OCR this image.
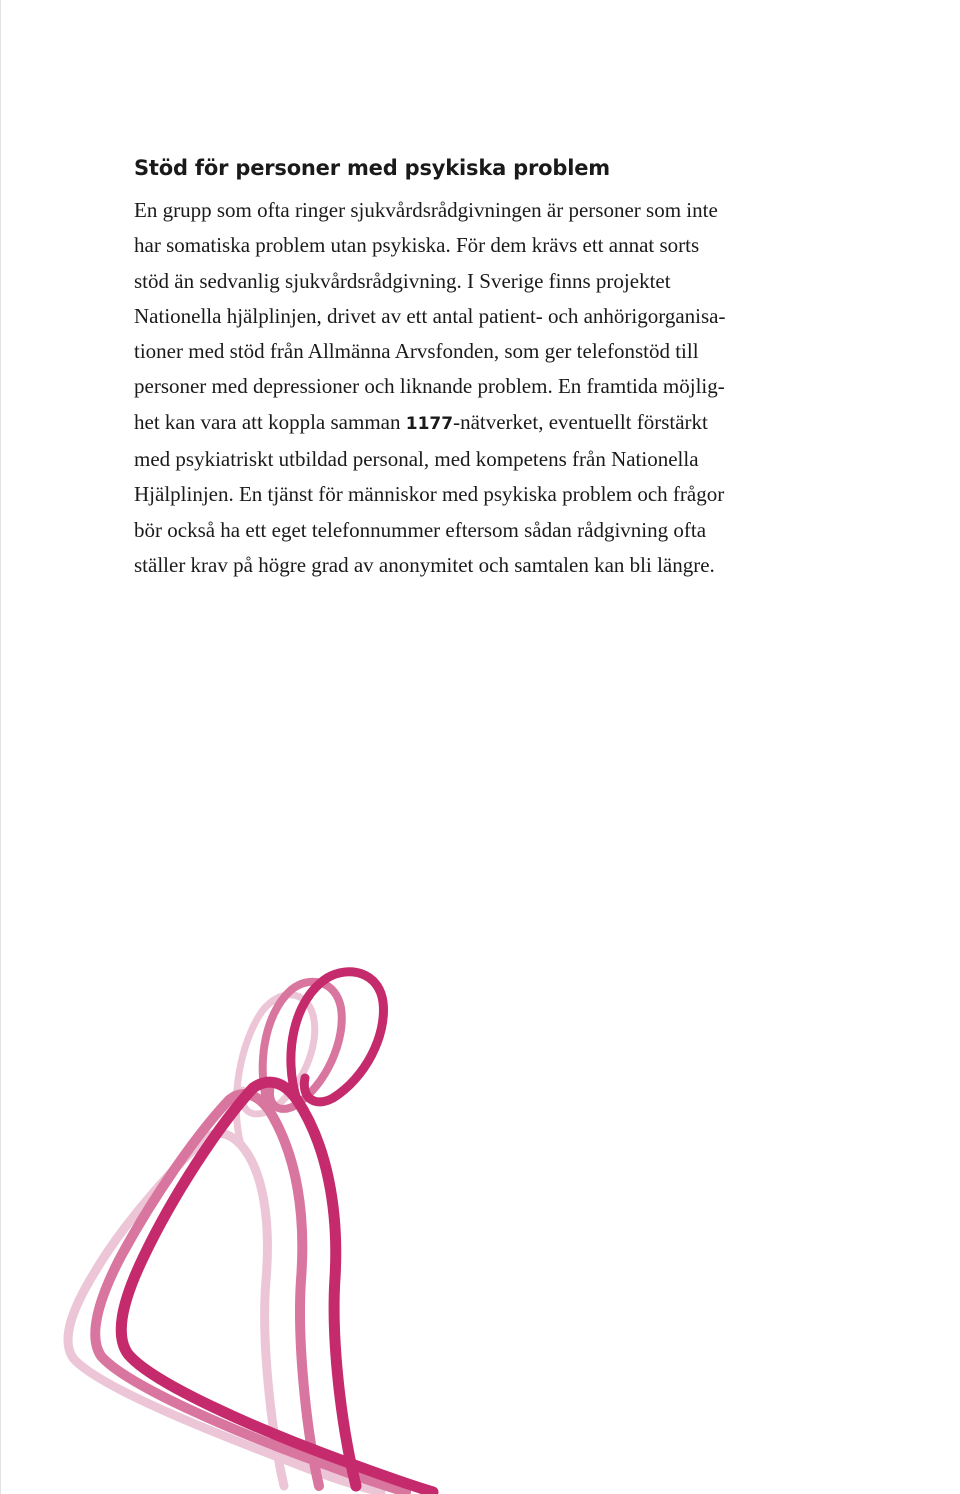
Stöd för personer med psykiska problem

En grupp som ofta ringer sjukvårdsrådgivningen är personer som inte
har somatiska problem utan psykiska. För dem krävs ett annat sorts
stöd än sedvanlig sjukvårdsrådgivning. I Sverige finns projektet
Nationella hjälplinjen, drivet av ett antal patient- och anhörigorganisa-
tioner med stöd från Allmänna Arvsfonden, som ger telefonstöd till
personer med depressioner och liknande problem. En framtida möjlig-
het kan vara att koppla samman 1177-nätverket, eventuellt förstärkt
med psykiatriskt utbildad personal, med kompetens från Nationella
Hjälplinjen. En tjänst för människor med psykiska problem och frågor
bör också ha ett eget telefonnummer eftersom sådan rådgivning ofta
ställer krav på högre grad av anonymitet och samtalen kan bli längre.
